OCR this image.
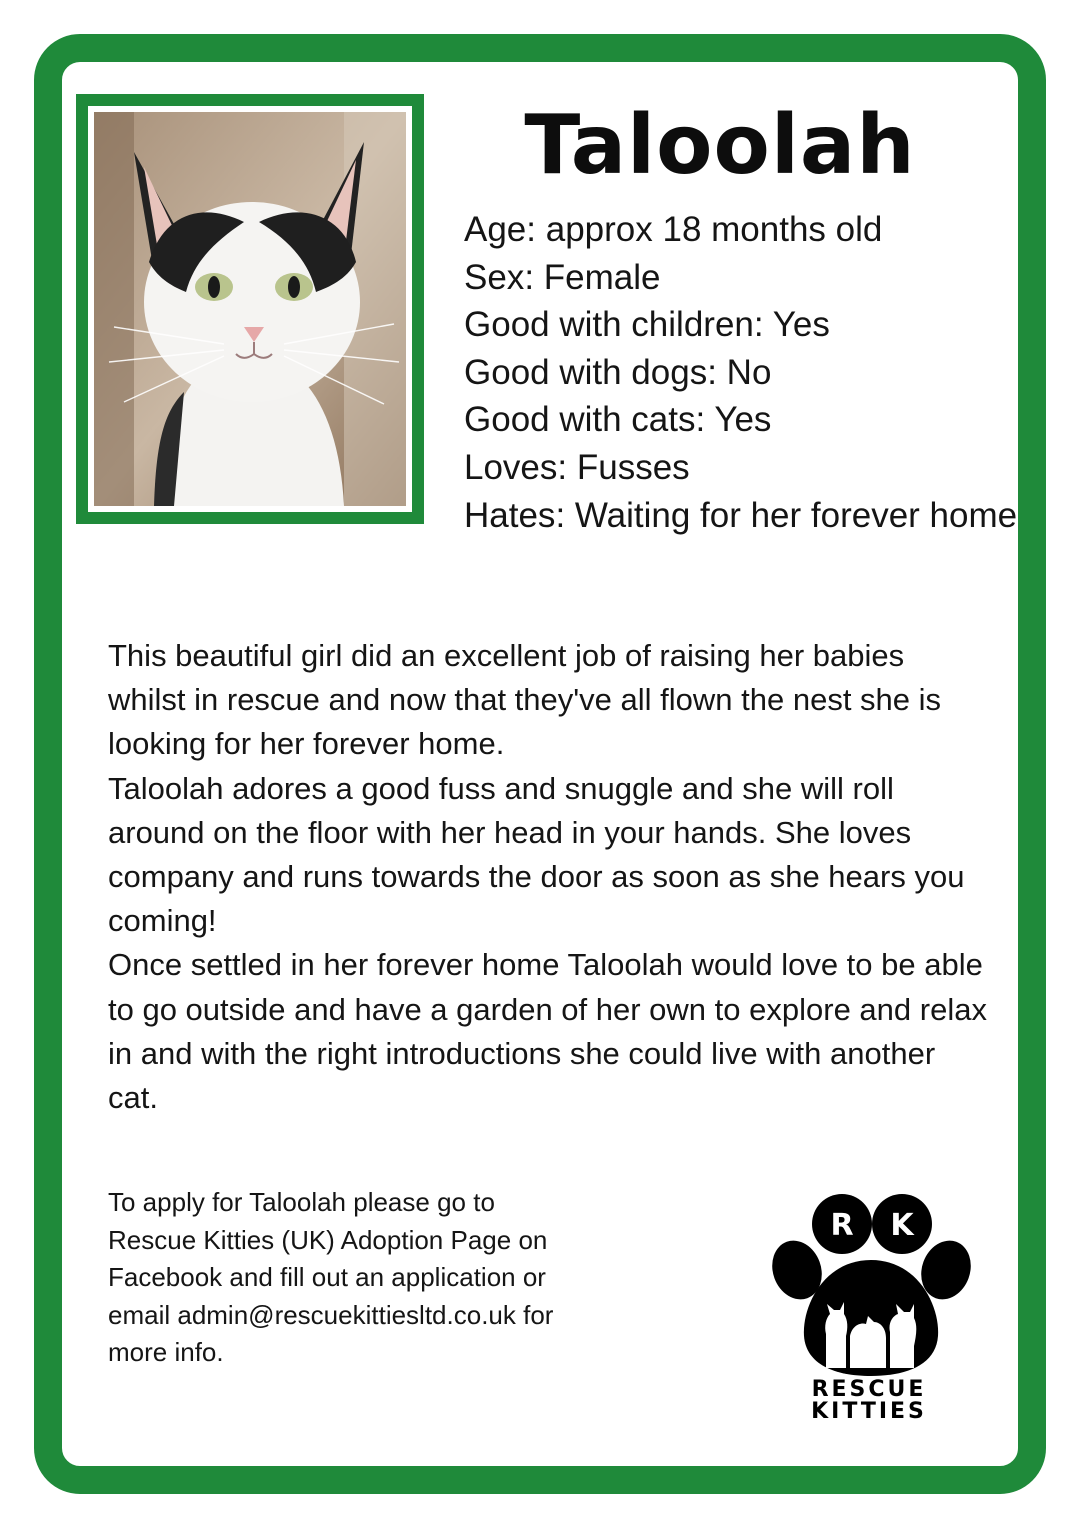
Taloolah
Age: approx 18 months old
Sex: Female
Good with children: Yes
Good with dogs: No
Good with cats: Yes
Loves: Fusses
Hates: Waiting for her forever home

This beautiful girl did an excellent job of raising her babies whilst in rescue and now that they've all flown the nest she is looking for her forever home.

Taloolah adores a good fuss and snuggle and she will roll around on the floor with her head in your hands. She loves company and runs towards the door as soon as she hears you coming!

Once settled in her forever home Taloolah would love to be able to go outside and have a garden of her own to explore and relax in and with the right introductions she could live with another cat.

To apply for Taloolah please go to Rescue Kitties (UK) Adoption Page on Facebook and fill out an application or email admin@rescuekittiesltd.co.uk for more info.
R K
RESCUE
KITTIES
